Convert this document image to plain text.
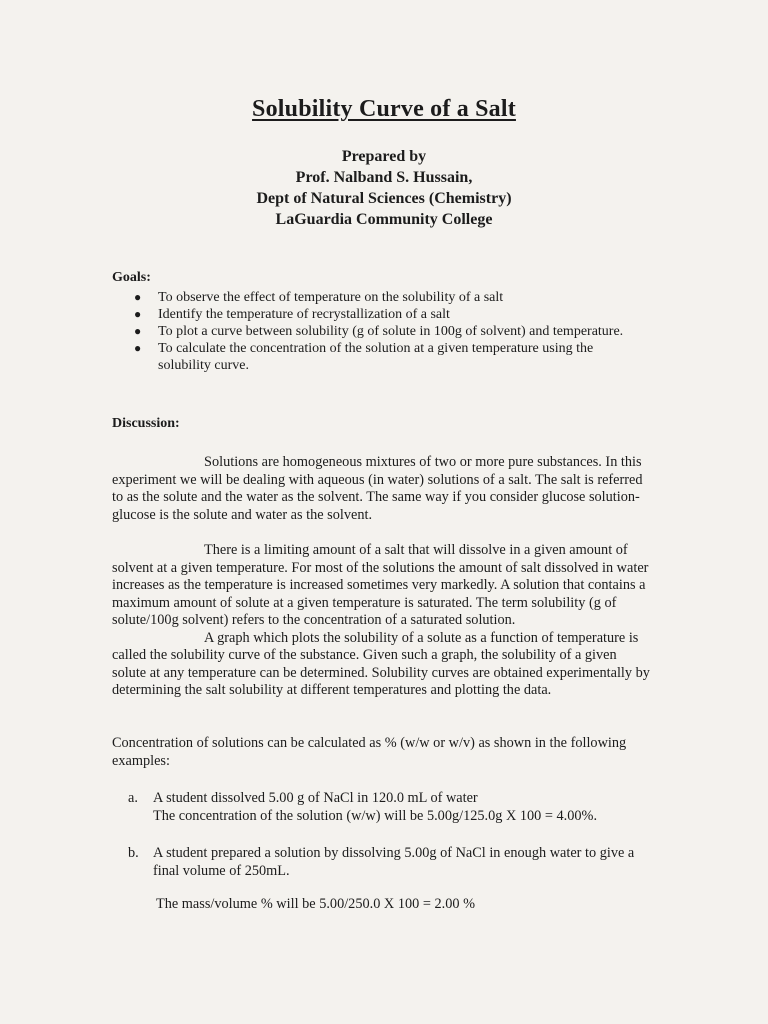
Solubility Curve of a Salt
Prepared by
Prof. Nalband S. Hussain,
Dept of Natural Sciences (Chemistry)
LaGuardia Community College
Goals:
● To observe the effect of temperature on the solubility of a salt
● Identify the temperature of recrystallization of a salt
● To plot a curve between solubility (g of solute in 100g of solvent) and temperature.
● To calculate the concentration of the solution at a given temperature using the solubility curve.
Discussion:

Solutions are homogeneous mixtures of two or more pure substances. In this experiment we will be dealing with aqueous (in water) solutions of a salt. The salt is referred to as the solute and the water as the solvent. The same way if you consider glucose solution- glucose is the solute and water as the solvent.

There is a limiting amount of a salt that will dissolve in a given amount of solvent at a given temperature. For most of the solutions the amount of salt dissolved in water increases as the temperature is increased sometimes very markedly. A solution that contains a maximum amount of solute at a given temperature is saturated. The term solubility (g of solute/100g solvent) refers to the concentration of a saturated solution.

A graph which plots the solubility of a solute as a function of temperature is called the solubility curve of the substance. Given such a graph, the solubility of a given solute at any temperature can be determined. Solubility curves are obtained experimentally by determining the salt solubility at different temperatures and plotting the data.

Concentration of solutions can be calculated as % (w/w or w/v) as shown in the following examples:

a. A student dissolved 5.00 g of NaCl in 120.0 mL of water
The concentration of the solution (w/w) will be 5.00g/125.0g X 100 = 4.00%.
b. A student prepared a solution by dissolving 5.00g of NaCl in enough water to give a final volume of 250mL.
The mass/volume % will be 5.00/250.0 X 100 = 2.00 %
